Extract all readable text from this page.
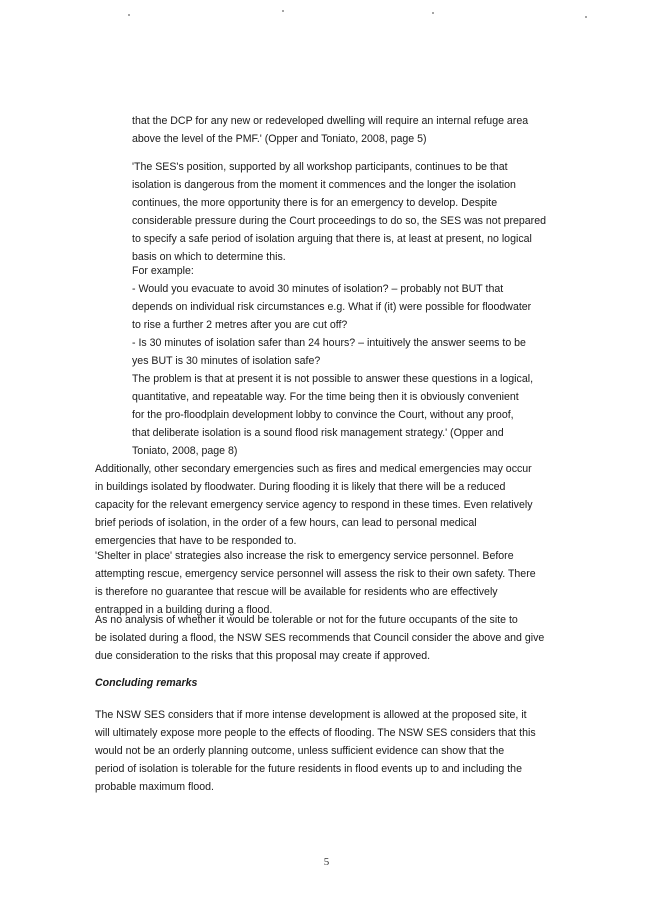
that the DCP for any new or redeveloped dwelling will require an internal refuge area
above the level of the PMF.' (Opper and Toniato, 2008, page 5)

'The SES's position, supported by all workshop participants, continues to be that
isolation is dangerous from the moment it commences and the longer the isolation
continues, the more opportunity there is for an emergency to develop. Despite
considerable pressure during the Court proceedings to do so, the SES was not prepared
to specify a safe period of isolation arguing that there is, at least at present, no logical
basis on which to determine this.

For example:
- Would you evacuate to avoid 30 minutes of isolation? – probably not BUT that
depends on individual risk circumstances e.g. What if (it) were possible for floodwater
to rise a further 2 metres after you are cut off?
- Is 30 minutes of isolation safer than 24 hours? – intuitively the answer seems to be
yes BUT is 30 minutes of isolation safe?
The problem is that at present it is not possible to answer these questions in a logical,
quantitative, and repeatable way. For the time being then it is obviously convenient
for the pro-floodplain development lobby to convince the Court, without any proof,
that deliberate isolation is a sound flood risk management strategy.' (Opper and
Toniato, 2008, page 8)

Additionally, other secondary emergencies such as fires and medical emergencies may occur
in buildings isolated by floodwater. During flooding it is likely that there will be a reduced
capacity for the relevant emergency service agency to respond in these times. Even relatively
brief periods of isolation, in the order of a few hours, can lead to personal medical
emergencies that have to be responded to.

'Shelter in place' strategies also increase the risk to emergency service personnel. Before
attempting rescue, emergency service personnel will assess the risk to their own safety. There
is therefore no guarantee that rescue will be available for residents who are effectively
entrapped in a building during a flood.

As no analysis of whether it would be tolerable or not for the future occupants of the site to
be isolated during a flood, the NSW SES recommends that Council consider the above and give
due consideration to the risks that this proposal may create if approved.

Concluding remarks

The NSW SES considers that if more intense development is allowed at the proposed site, it
will ultimately expose more people to the effects of flooding. The NSW SES considers that this
would not be an orderly planning outcome, unless sufficient evidence can show that the
period of isolation is tolerable for the future residents in flood events up to and including the
probable maximum flood.

5
